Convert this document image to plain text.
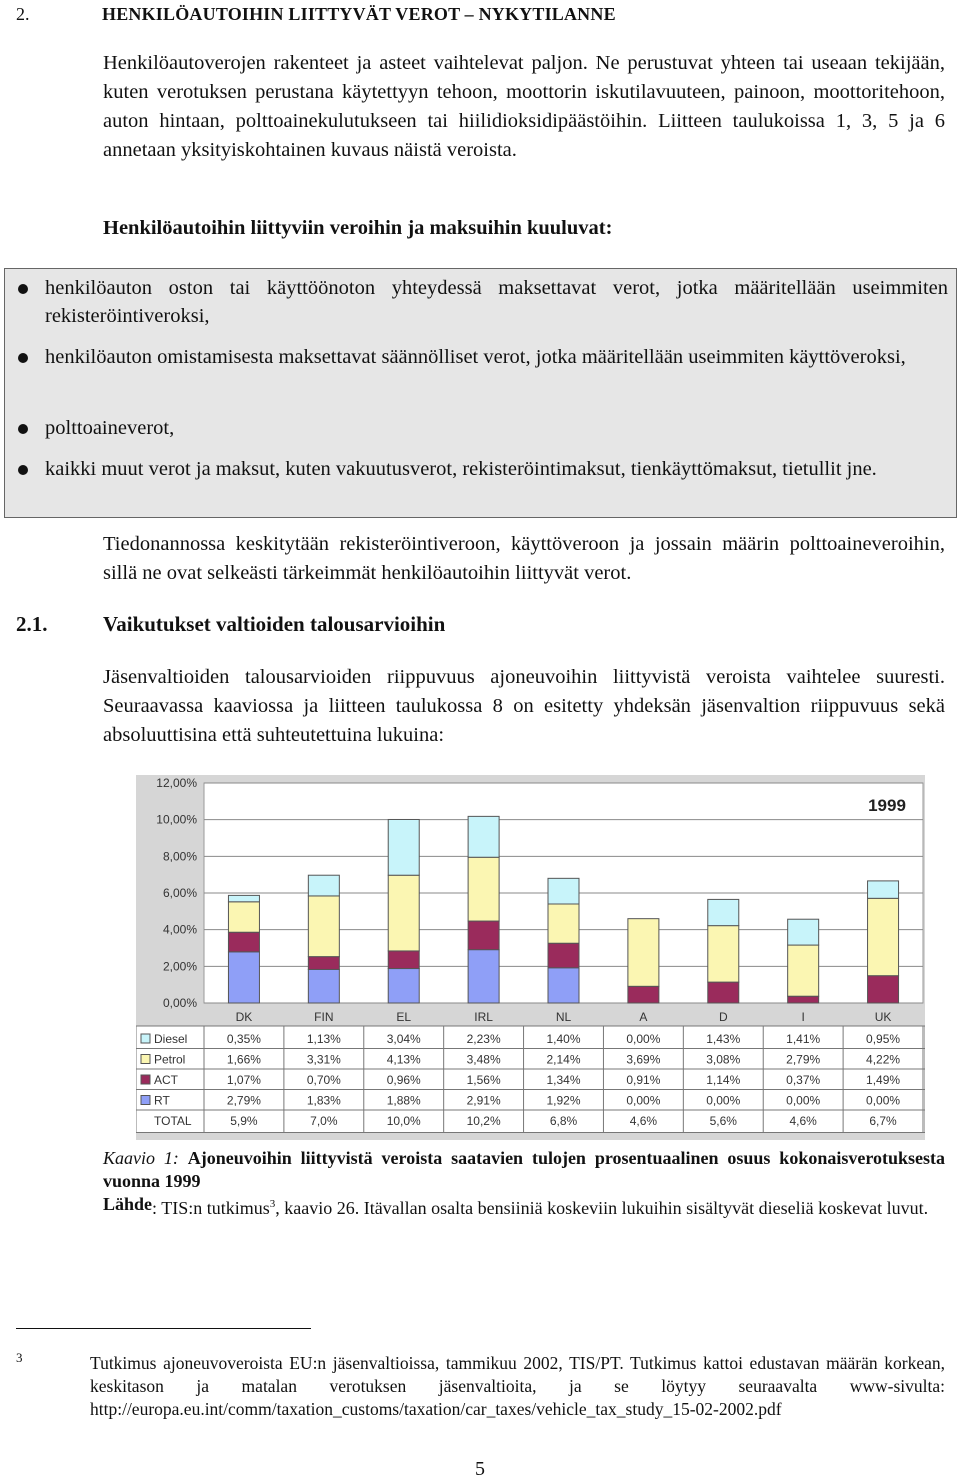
2.	HENKILÖAUTOIHIN LIITTYVÄT VEROT – NYKYTILANNE
Henkilöautoverojen rakenteet ja asteet vaihtelevat paljon. Ne perustuvat yhteen tai useaan tekijään, kuten verotuksen perustana käytettyyn tehoon, moottorin iskutilavuuteen, painoon, moottoritehoon, auton hintaan, polttoainekulutukseen tai hiilidioksidipäästöihin. Liitteen taulukoissa 1, 3, 5 ja 6 annetaan yksityiskohtainen kuvaus näistä veroista.
Henkilöautoihin liittyviin veroihin ja maksuihin kuuluvat:
henkilöauton oston tai käyttöönoton yhteydessä maksettavat verot, jotka määritellään useimmiten rekisteröintiveroksi,
henkilöauton omistamisesta maksettavat säännölliset verot, jotka määritellään useimmiten käyttöveroksi,
polttoaineverot,
kaikki muut verot ja maksut, kuten vakuutusverot, rekisteröintimaksut, tienkäyttömaksut, tietullit jne.
Tiedonannossa keskitytään rekisteröintiveroon, käyttöveroon ja jossain määrin polttoaineveroihin, sillä ne ovat selkeästi tärkeimmät henkilöautoihin liittyvät verot.
2.1.	Vaikutukset valtioiden talousarvioihin
Jäsenvaltioiden talousarvioiden riippuvuus ajoneuvoihin liittyvistä veroista vaihtelee suuresti. Seuraavassa kaaviossa ja liitteen taulukossa 8 on esitetty yhdeksän jäsenvaltion riippuvuus sekä absoluuttisina että suhteutettuina lukuina:
12,00%
10,00%
8,00%
6,00%
4,00%
2,00%
0,00%
1999
DK	FIN	EL	IRL	NL	A	D	I	UK
Diesel	0,35%	1,13%	3,04%	2,23%	1,40%	0,00%	1,43%	1,41%	0,95%
Petrol	1,66%	3,31%	4,13%	3,48%	2,14%	3,69%	3,08%	2,79%	4,22%
ACT	1,07%	0,70%	0,96%	1,56%	1,34%	0,91%	1,14%	0,37%	1,49%
RT	2,79%	1,83%	1,88%	2,91%	1,92%	0,00%	0,00%	0,00%	0,00%
TOTAL	5,9%	7,0%	10,0%	10,2%	6,8%	4,6%	5,6%	4,6%	6,7%
Kaavio 1: Ajoneuvoihin liittyvistä veroista saatavien tulojen prosentuaalinen osuus kokonaisverotuksesta vuonna 1999
Lähde : TIS:n tutkimus$^3$, kaavio 26. Itävallan osalta bensiiniä koskeviin lukuihin sisältyvät dieseliä koskevat luvut.
3	Tutkimus ajoneuvoveroista EU:n jäsenvaltioissa, tammikuu 2002, TIS/PT. Tutkimus kattoi edustavan määrän korkean, keskitason ja matalan verotuksen jäsenvaltioita, ja se löytyy seuraavalta www-sivulta: http://europa.eu.int/comm/taxation_customs/taxation/car_taxes/vehicle_tax_study_15-02-2002.pdf
5
